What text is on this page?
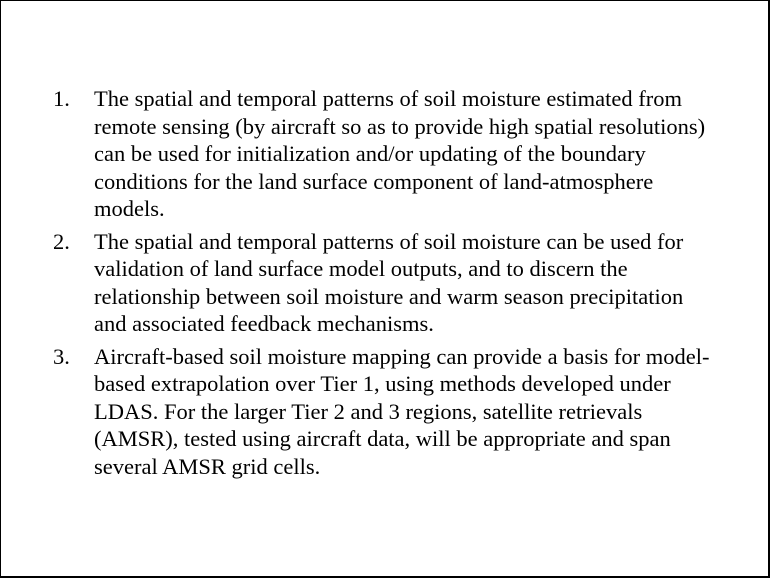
1. The spatial and temporal patterns of soil moisture estimated from remote sensing (by aircraft so as to provide high spatial resolutions) can be used for initialization and/or updating of the boundary conditions for the land surface component of land-atmosphere models.
2. The spatial and temporal patterns of soil moisture can be used for validation of land surface model outputs, and to discern the relationship between soil moisture and warm season precipitation and associated feedback mechanisms.
3. Aircraft-based soil moisture mapping can provide a basis for model-based extrapolation over Tier 1, using methods developed under LDAS. For the larger Tier 2 and 3 regions, satellite retrievals (AMSR), tested using aircraft data, will be appropriate and span several AMSR grid cells.
